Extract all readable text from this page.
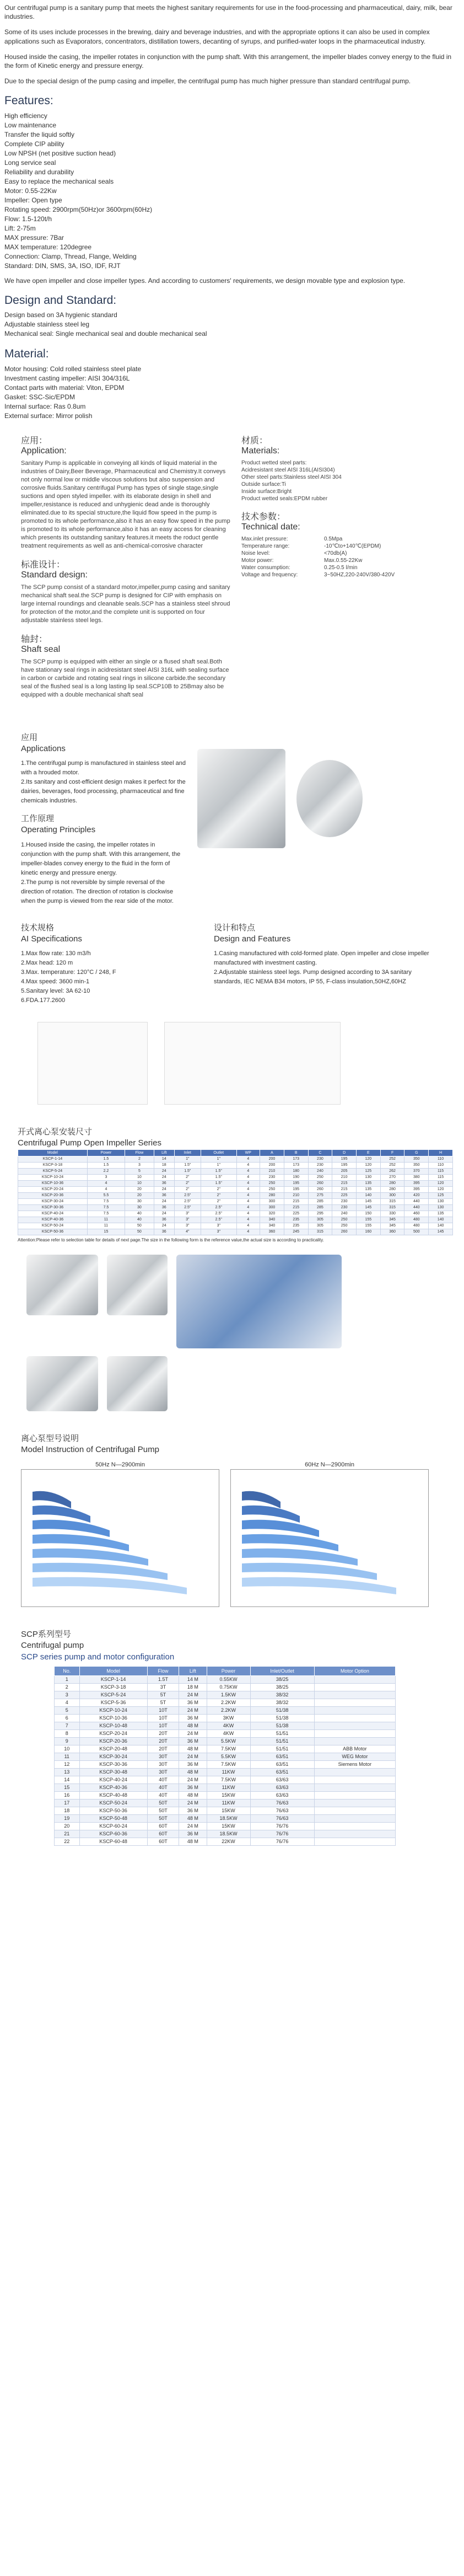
Our centrifugal pump is a sanitary pump that meets the highest sanitary requirements for use in the food-processing and pharmaceutical, dairy, milk, bear industries.

Some of its uses include processes in the brewing, dairy and beverage industries, and with the appropriate options it can also be used in complex applications such as Evaporators, concentrators, distillation towers, decanting of syrups, and purified-water loops in the pharmaceutical industry.

Housed inside the casing, the impeller rotates in conjunction with the pump shaft. With this arrangement, the impeller blades convey energy to the fluid in the form of Kinetic energy and pressure energy.

Due to the special design of the pump casing and impeller, the centrifugal pump has much higher pressure than standard centrifugal pump.

Features:
High efficiency
Low maintenance
Transfer the liquid softly
Complete CIP ability
Low NPSH (net positive suction head)
Long service seal
Reliability and durability
Easy to replace the mechanical seals
Motor: 0.55-22Kw
Impeller: Open type
Rotating speed: 2900rpm(50Hz)or 3600rpm(60Hz)
Flow: 1.5-120t/h
Lift: 2-75m
MAX pressure: 7Bar
MAX temperature: 120degree
Connection: Clamp, Thread, Flange, Welding
Standard: DIN, SMS, 3A, ISO, IDF, RJT

We have open impeller and close impeller types. And according to customers' requirements, we design movable type and explosion type.

Design and Standard:
Design based on 3A hygienic standard
Adjustable stainless steel leg
Mechanical seal: Single mechanical seal and double mechanical seal
Material:
Motor housing: Cold rolled stainless steel plate
Investment casting impeller: AISI 304/316L
Contact parts with material: Viton, EPDM
Gasket: SSC-Sic/EPDM
Internal surface: Ras 0.8um
External surface: Mirror polish
应用：
Application:

Sanitary Pump is applicable in conveying all kinds of liquid material in the industries of Dairy,Beer Beverage, Pharmaceutical and Chemistry.It conveys not only normal low or middle viscous solutions but also suspension and corrosive fluids.Sanitary centrifugal Pump has types of single stage,single suctions and open styled impeller. with its elaborate design in shell and impeller,resistance is reduced and unhygienic dead ande is thoroughly eliminated.due to its special structure,the liquid flow speed in the pump is promoted to its whole performance,also it has an easy flow speed in the pump is promoted to its whole performance,also it has an easy access for cleaning which presents its outstanding sanitary features.it meets the roduct gentle treatment requirements as well as anti-chemical-corrosive character

标准设计：
Standard design:

The SCP pump consist of a standard motor,impeller,pump casing and sanitary mechanical shaft seal.the SCP pump is designed for CIP with emphasis on large internal roundings and cleanable seals.SCP has a stainless steel shroud for protection of the motor,and the complete unit is supported on four adjustable stainless steel legs.

轴封：
Shaft seal

The SCP pump is equipped with either an single or a flused shaft seal.Both have stationary seal rings in acidresistant steel AISI 316L with sealing surface in carbon or carbide and rotating seal rings in silicone carbide.the secondary seal of the flushed seal is a long lasting lip seal.SCP10B to 25Bmay also be equipped with a double mechanical shaft seal

材质：
Materials:
Product wetted steel parts:
Acidresistant steel AISI 316L(AISI304)
Other steel parts:Stainless steel AISI 304
Outside surface:Ti
Inside surface:Bright
Product wetted seals:EPDM rubber
技术参数：
Technical date:
Max.inlet pressure:	0.5Mpa
Temperature range:	-10℃to+140℃(EPDM)
Noise level:	<70db(A)
Motor power:	Max.0.55-22Kw
Water consumption:	0.25-0.5 l/min
Voltage and frequency:	3~50HZ,220-240V/380-420V
应用
Applications
1.The centrifugal pump is manufactured in stainless steel and with a hrouded motor.
2.Its sanitary and cost-efficient design makes it perfect for the dairies, beverages, food processing, pharmaceutical and fine chemicals industries.
工作原理
Operating Principles
1.Housed inside the casing, the impeller rotates in conjunction with the pump shaft. With this arrangement, the impeller-blades convey energy to the fluid in the form of kinetic energy and pressure energy.
2.The pump is not reversible by simple reversal of the direction of rotation. The direction of rotation is clockwise when the pump is viewed from the rear side of the motor.
技术规格
AI Specifications
1.Max flow rate: 130 m3/h
2.Max head: 120 m
3.Max. temperature: 120°C / 248, F
4.Max speed: 3600 min-1
5.Sanitary level: 3A 62-10
6.FDA.177.2600
设计和特点
Design and Features
1.Casing manufactured with cold-formed plate. Open impeller and close impeller manufactured with investment casting.
2.Adjustable stainless steel legs. Pump designed according to 3A sanitary standards, IEC NEMA B34 motors, IP 55, F-class insulation,50HZ,60HZ
开式离心泵安装尺寸
Centrifugal Pump Open Impeller Series
Model	Power	Flow	Lift	Inlet	Outlet	WP	A	B	C	D	E	F	G	H
KSCP-1-14	1.5	2	14	1"	1"	4	200	173	230	195	120	252	350	110
KSCP-3-18	1.5	3	18	1.5"	1"	4	200	173	230	195	120	252	350	110
KSCP-5-24	2.2	5	24	1.5"	1.5"	4	210	180	240	205	125	262	370	115
KSCP-10-24	3	10	24	2"	1.5"	4	230	190	250	210	130	270	380	115
KSCP-10-36	4	10	36	2"	1.5"	4	250	195	260	215	135	280	395	120
KSCP-20-24	4	20	24	2"	2"	4	250	195	260	215	135	280	395	120
KSCP-20-36	5.5	20	36	2.5"	2"	4	280	210	275	225	140	300	420	125
KSCP-30-24	7.5	30	24	2.5"	2"	4	300	215	285	230	145	315	440	130
KSCP-30-36	7.5	30	36	2.5"	2.5"	4	300	215	285	230	145	315	440	130
KSCP-40-24	7.5	40	24	3"	2.5"	4	320	225	295	240	150	330	460	135
KSCP-40-36	11	40	36	3"	2.5"	4	340	235	305	250	155	345	480	140
KSCP-50-24	11	50	24	3"	3"	4	340	235	305	250	155	345	480	140
KSCP-50-36	15	50	36	4"	3"	4	360	245	315	260	160	360	500	145

Attention:Please refer to selection table for details of next page.The size in the following form is the reference value,the actual size is according to practicality.

离心泵型号说明
Model Instruction of Centrifugal Pump
50Hz N—2900min	60Hz N—2900min
SCP系列型号
Centrifugal pump
SCP series pump and motor configuration
No.	Model	Flow	Lift	Power	Inlet/Outlet	Motor Option
1	KSCP-1-14	1.5T	14 M	0.55KW	38/25	
2	KSCP-3-18	3T	18 M	0.75KW	38/25	
3	KSCP-5-24	5T	24 M	1.5KW	38/32	
4	KSCP-5-36	5T	36 M	2.2KW	38/32	
5	KSCP-10-24	10T	24 M	2.2KW	51/38	
6	KSCP-10-36	10T	36 M	3KW	51/38	
7	KSCP-10-48	10T	48 M	4KW	51/38	
8	KSCP-20-24	20T	24 M	4KW	51/51	
9	KSCP-20-36	20T	36 M	5.5KW	51/51	
10	KSCP-20-48	20T	48 M	7.5KW	51/51	ABB Motor
11	KSCP-30-24	30T	24 M	5.5KW	63/51	WEG Motor
12	KSCP-30-36	30T	36 M	7.5KW	63/51	Siemens Motor
13	KSCP-30-48	30T	48 M	11KW	63/51	
14	KSCP-40-24	40T	24 M	7.5KW	63/63	
15	KSCP-40-36	40T	36 M	11KW	63/63	
16	KSCP-40-48	40T	48 M	15KW	63/63	
17	KSCP-50-24	50T	24 M	11KW	76/63	
18	KSCP-50-36	50T	36 M	15KW	76/63	
19	KSCP-50-48	50T	48 M	18.5KW	76/63	
20	KSCP-60-24	60T	24 M	15KW	76/76	
21	KSCP-60-36	60T	36 M	18.5KW	76/76	
22	KSCP-60-48	60T	48 M	22KW	76/76	
